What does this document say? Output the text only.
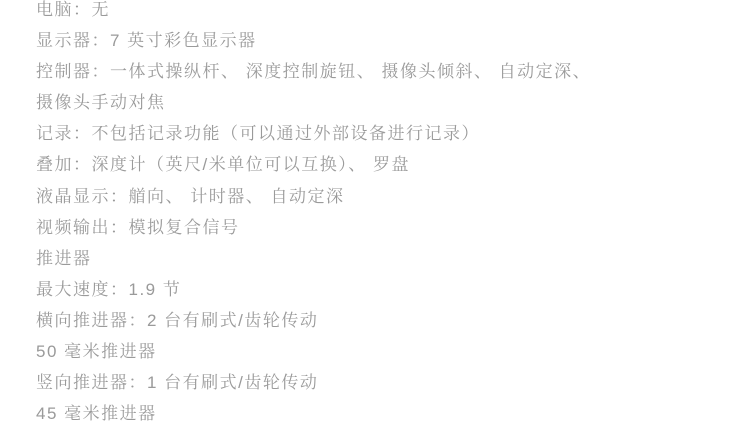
电脑：无

显示器：7 英寸彩色显示器

控制器：一体式操纵杆、 深度控制旋钮、 摄像头倾斜、 自动定深、

摄像头手动对焦

记录：不包括记录功能（可以通过外部设备进行记录）

叠加：深度计（英尺/米单位可以互换）、 罗盘

液晶显示：艏向、 计时器、 自动定深

视频输出：模拟复合信号

推进器

最大速度：1.9 节

横向推进器：2 台有刷式/齿轮传动

50 毫米推进器

竖向推进器：1 台有刷式/齿轮传动

45 毫米推进器
